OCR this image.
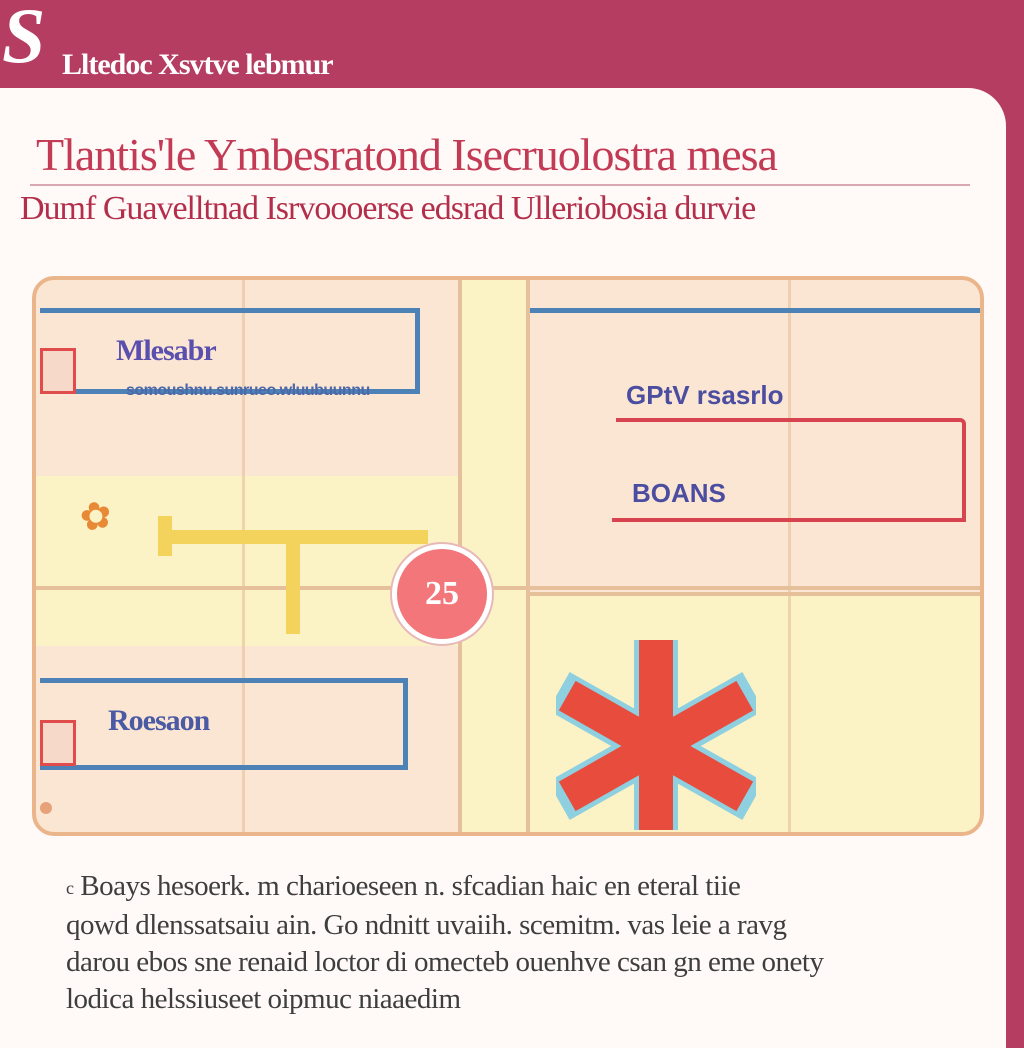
S Lltedoc Xsvtve lebmur
Tlantis'le Ymbesratond Isecruolostra mesa
Dumf Guavelltnad Isrvoooerse edsrad Ulleriobosia durvie
Mlesabr
somoushnu.sunrueo.wluubuunnu	GPtV rsasrlo
BOANS
Roesaon
✿
25
c Boays hesoerk. m charioeseen n. sfcadian haic en eteral tiie
qowd dlenssatsaiu ain. Go ndnitt uvaiih. scemitm. vas leie a ravg
darou ebos sne renaid loctor di omecteb ouenhve csan gn eme onety
lodica helssiuseet oipmuc niaaedim
